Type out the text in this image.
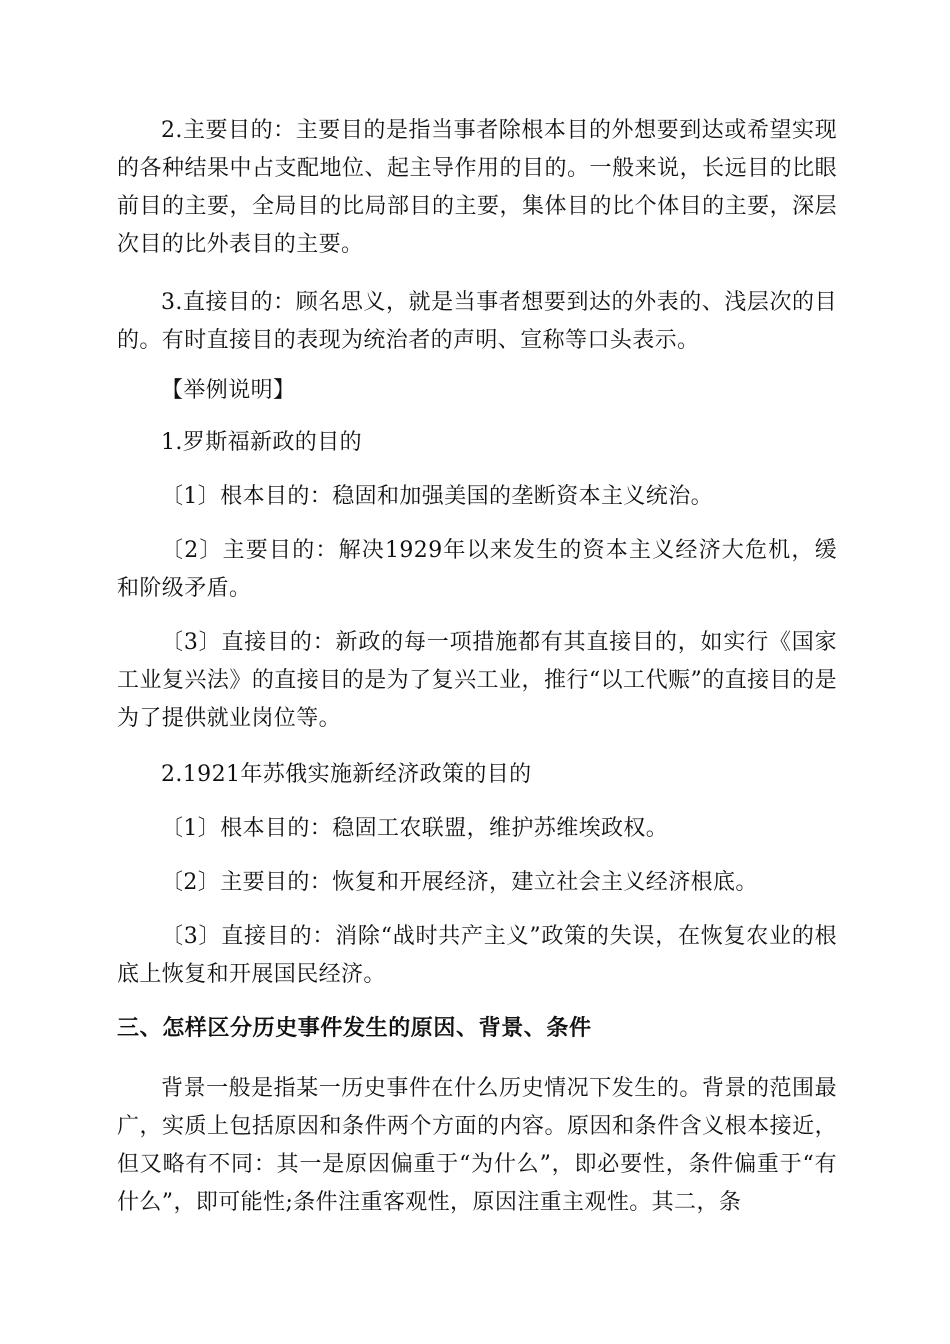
2.主要目的：主要目的是指当事者除根本目的外想要到达或希望实现的各种结果中占支配地位、起主导作用的目的。一般来说，长远目的比眼前目的主要，全局目的比局部目的主要，集体目的比个体目的主要，深层次目的比外表目的主要。

3.直接目的：顾名思义，就是当事者想要到达的外表的、浅层次的目的。有时直接目的表现为统治者的声明、宣称等口头表示。

【举例说明】

1.罗斯福新政的目的

〔1〕根本目的：稳固和加强美国的垄断资本主义统治。

〔2〕主要目的：解决1929年以来发生的资本主义经济大危机，缓和阶级矛盾。

〔3〕直接目的：新政的每一项措施都有其直接目的，如实行《国家工业复兴法》的直接目的是为了复兴工业，推行“以工代赈”的直接目的是为了提供就业岗位等。

2.1921年苏俄实施新经济政策的目的

〔1〕根本目的：稳固工农联盟，维护苏维埃政权。

〔2〕主要目的：恢复和开展经济，建立社会主义经济根底。

〔3〕直接目的：消除“战时共产主义”政策的失误，在恢复农业的根底上恢复和开展国民经济。

三、怎样区分历史事件发生的原因、背景、条件

背景一般是指某一历史事件在什么历史情况下发生的。背景的范围最广，实质上包括原因和条件两个方面的内容。原因和条件含义根本接近，但又略有不同：其一是原因偏重于“为什么”，即必要性，条件偏重于“有什么”，即可能性;条件注重客观性，原因注重主观性。其二，条
